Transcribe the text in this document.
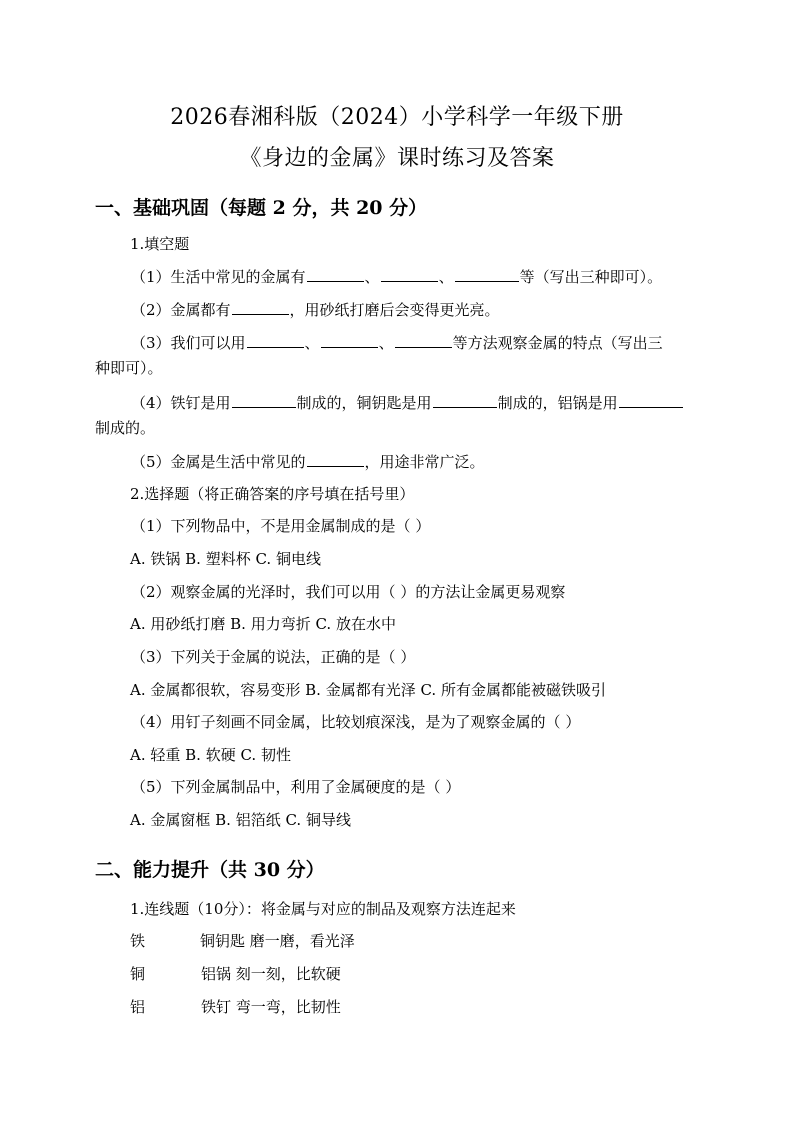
2026春湘科版（2024）小学科学一年级下册
《身边的金属》课时练习及答案
一、基础巩固（每题 2 分，共 20 分）
1.填空题
（1）生活中常见的金属有	、	、	等（写出三种即可）。
（2）金属都有	，用砂纸打磨后会变得更光亮。
（3）我们可以用	、	、	等方法观察金属的特点（写出三
种即可）。
（4）铁钉是用	制成的，铜钥匙是用	制成的，铝锅是用
制成的。
（5）金属是生活中常见的	，用途非常广泛。
2.选择题（将正确答案的序号填在括号里）
（1）下列物品中，不是用金属制成的是（ ）
A. 铁锅 B. 塑料杯 C. 铜电线
（2）观察金属的光泽时，我们可以用（ ）的方法让金属更易观察
A. 用砂纸打磨 B. 用力弯折 C. 放在水中
（3）下列关于金属的说法，正确的是（ ）
A. 金属都很软，容易变形 B. 金属都有光泽 C. 所有金属都能被磁铁吸引
（4）用钉子刻画不同金属，比较划痕深浅，是为了观察金属的（ ）
A. 轻重 B. 软硬 C. 韧性
（5）下列金属制品中，利用了金属硬度的是（ ）
A. 金属窗框 B. 铝箔纸 C. 铜导线
二、能力提升（共 30 分）
1.连线题（10分）：将金属与对应的制品及观察方法连起来
铁	铜钥匙 磨一磨，看光泽
铜	铝锅 刻一刻，比软硬
铝	铁钉 弯一弯，比韧性
